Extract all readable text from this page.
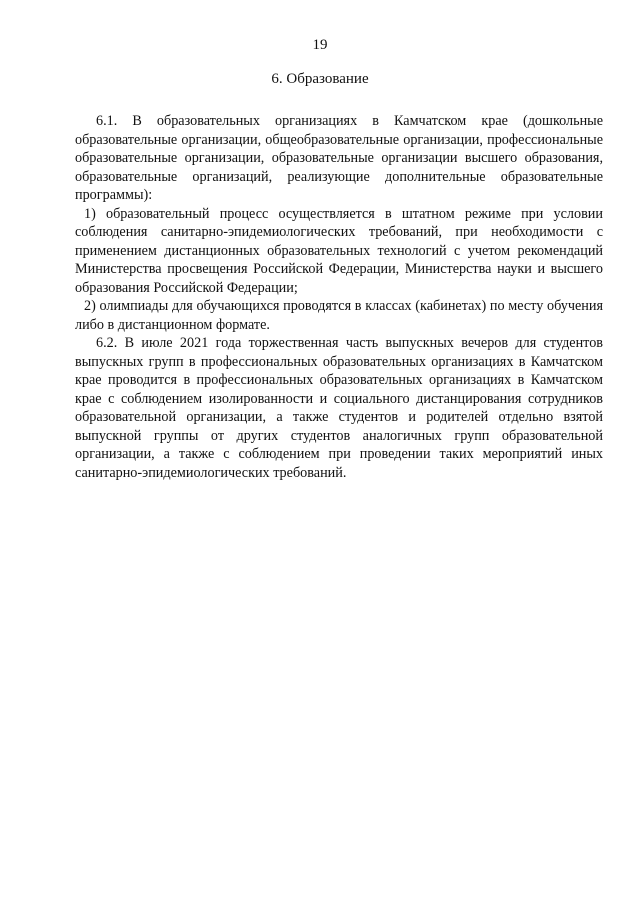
19
6. Образование

6.1. В образовательных организациях в Камчатском крае (дошкольные образовательные организации, общеобразовательные организации, профессиональные образовательные организации, образовательные организации высшего образования, образовательные организаций, реализующие дополнительные образовательные программы):

1) образовательный процесс осуществляется в штатном режиме при условии соблюдения санитарно-эпидемиологических требований, при необходимости с применением дистанционных образовательных технологий с учетом рекомендаций Министерства просвещения Российской Федерации, Министерства науки и высшего образования Российской Федерации;

2) олимпиады для обучающихся проводятся в классах (кабинетах) по месту обучения либо в дистанционном формате.

6.2. В июле 2021 года торжественная часть выпускных вечеров для студентов выпускных групп в профессиональных образовательных организациях в Камчатском крае проводится в профессиональных образовательных организациях в Камчатском крае с соблюдением изолированности и социального дистанцирования сотрудников образовательной организации, а также студентов и родителей отдельно взятой выпускной группы от других студентов аналогичных групп образовательной организации, а также с соблюдением при проведении таких мероприятий иных санитарно-эпидемиологических требований.
